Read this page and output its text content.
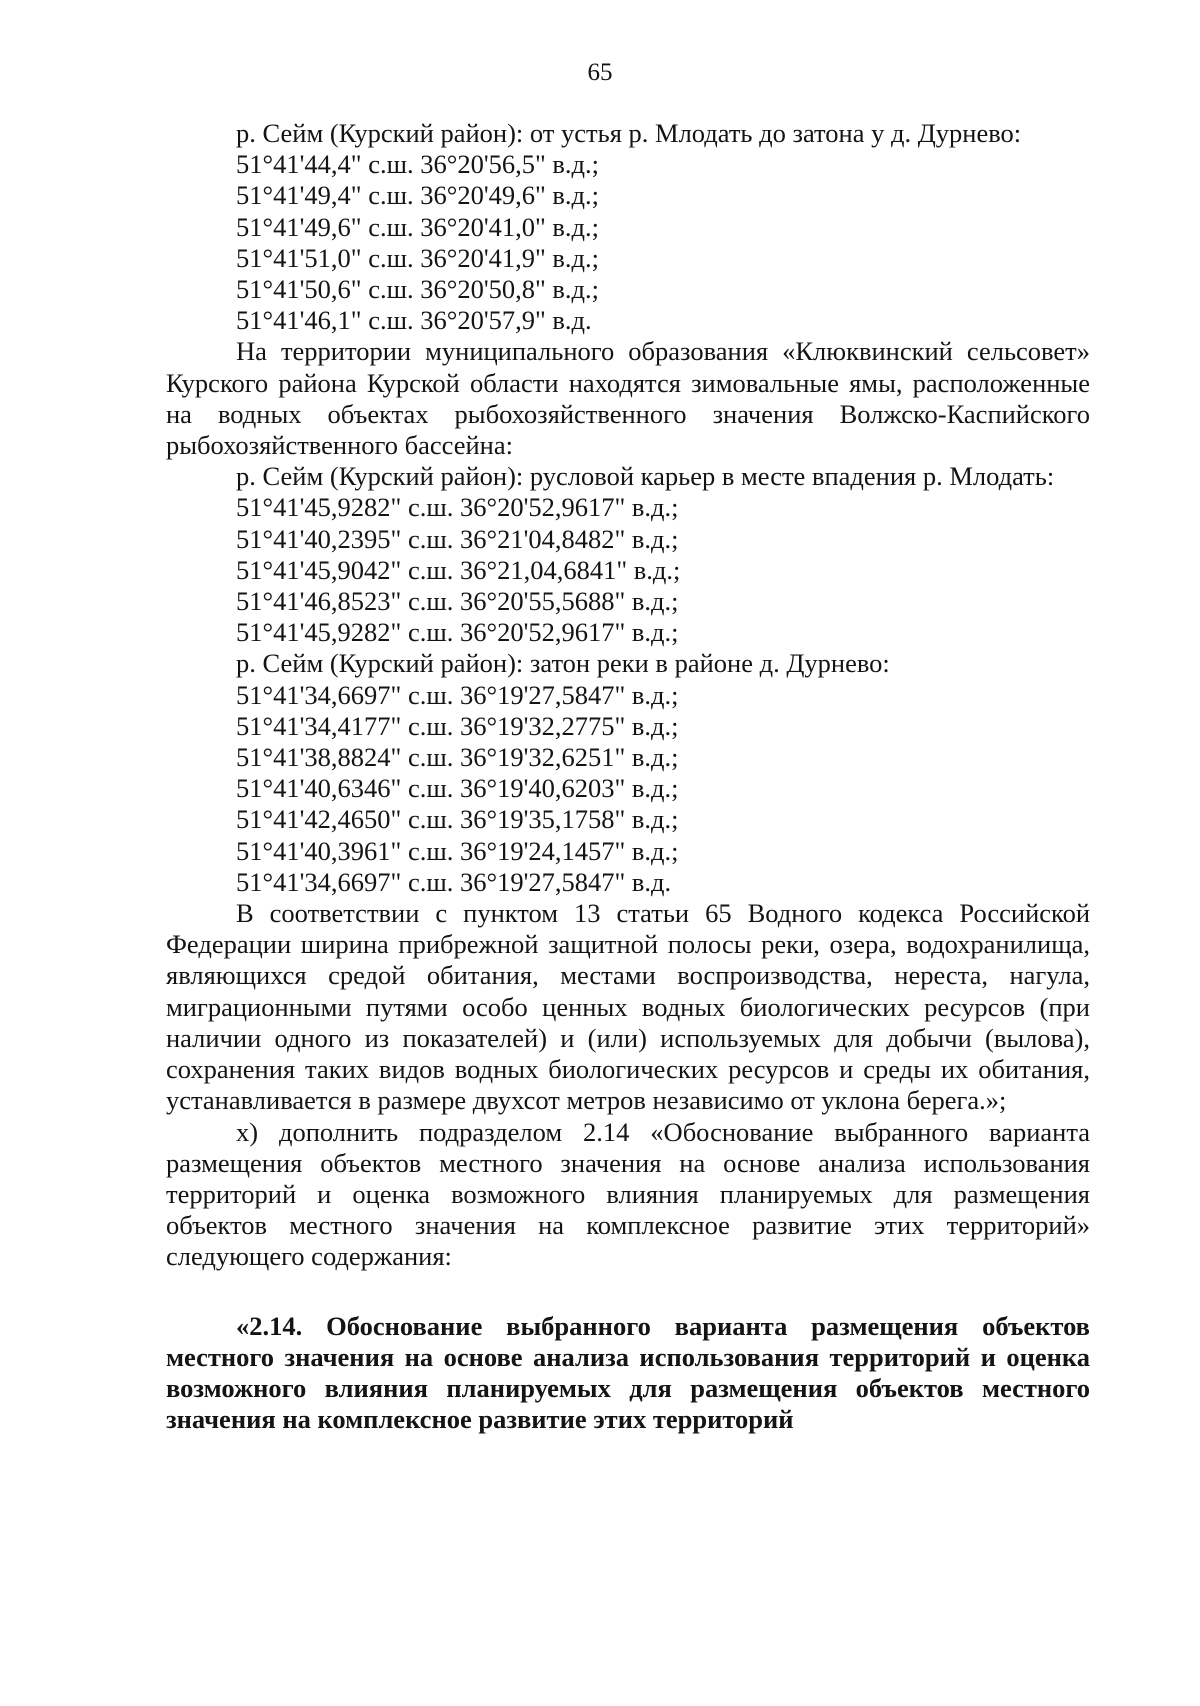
65

р. Сейм (Курский район): от устья р. Млодать до затона у д. Дурнево:

51°41'44,4" с.ш. 36°20'56,5" в.д.;
51°41'49,4" с.ш. 36°20'49,6" в.д.;
51°41'49,6" с.ш. 36°20'41,0" в.д.;
51°41'51,0" с.ш. 36°20'41,9" в.д.;
51°41'50,6" с.ш. 36°20'50,8" в.д.;
51°41'46,1" с.ш. 36°20'57,9" в.д.

На территории муниципального образования «Клюквинский сельсовет» Курского района Курской области находятся зимовальные ямы, расположенные на водных объектах рыбохозяйственного значения Волжско-Каспийского рыбохозяйственного бассейна:

р. Сейм (Курский район): русловой карьер в месте впадения р. Млодать:

51°41'45,9282" с.ш. 36°20'52,9617" в.д.;
51°41'40,2395" с.ш. 36°21'04,8482" в.д.;
51°41'45,9042" с.ш. 36°21,04,6841" в.д.;
51°41'46,8523" с.ш. 36°20'55,5688" в.д.;
51°41'45,9282" с.ш. 36°20'52,9617" в.д.;

р. Сейм (Курский район): затон реки в районе д. Дурнево:

51°41'34,6697" с.ш. 36°19'27,5847" в.д.;
51°41'34,4177" с.ш. 36°19'32,2775" в.д.;
51°41'38,8824" с.ш. 36°19'32,6251" в.д.;
51°41'40,6346" с.ш. 36°19'40,6203" в.д.;
51°41'42,4650" с.ш. 36°19'35,1758" в.д.;
51°41'40,3961" с.ш. 36°19'24,1457" в.д.;
51°41'34,6697" с.ш. 36°19'27,5847" в.д.

В соответствии с пунктом 13 статьи 65 Водного кодекса Российской Федерации ширина прибрежной защитной полосы реки, озера, водохранилища, являющихся средой обитания, местами воспроизводства, нереста, нагула, миграционными путями особо ценных водных биологических ресурсов (при наличии одного из показателей) и (или) используемых для добычи (вылова), сохранения таких видов водных биологических ресурсов и среды их обитания, устанавливается в размере двухсот метров независимо от уклона берега.»;

х) дополнить подразделом 2.14 «Обоснование выбранного варианта размещения объектов местного значения на основе анализа использования территорий и оценка возможного влияния планируемых для размещения объектов местного значения на комплексное развитие этих территорий» следующего содержания:

«2.14. Обоснование выбранного варианта размещения объектов местного значения на основе анализа использования территорий и оценка возможного влияния планируемых для размещения объектов местного значения на комплексное развитие этих территорий
